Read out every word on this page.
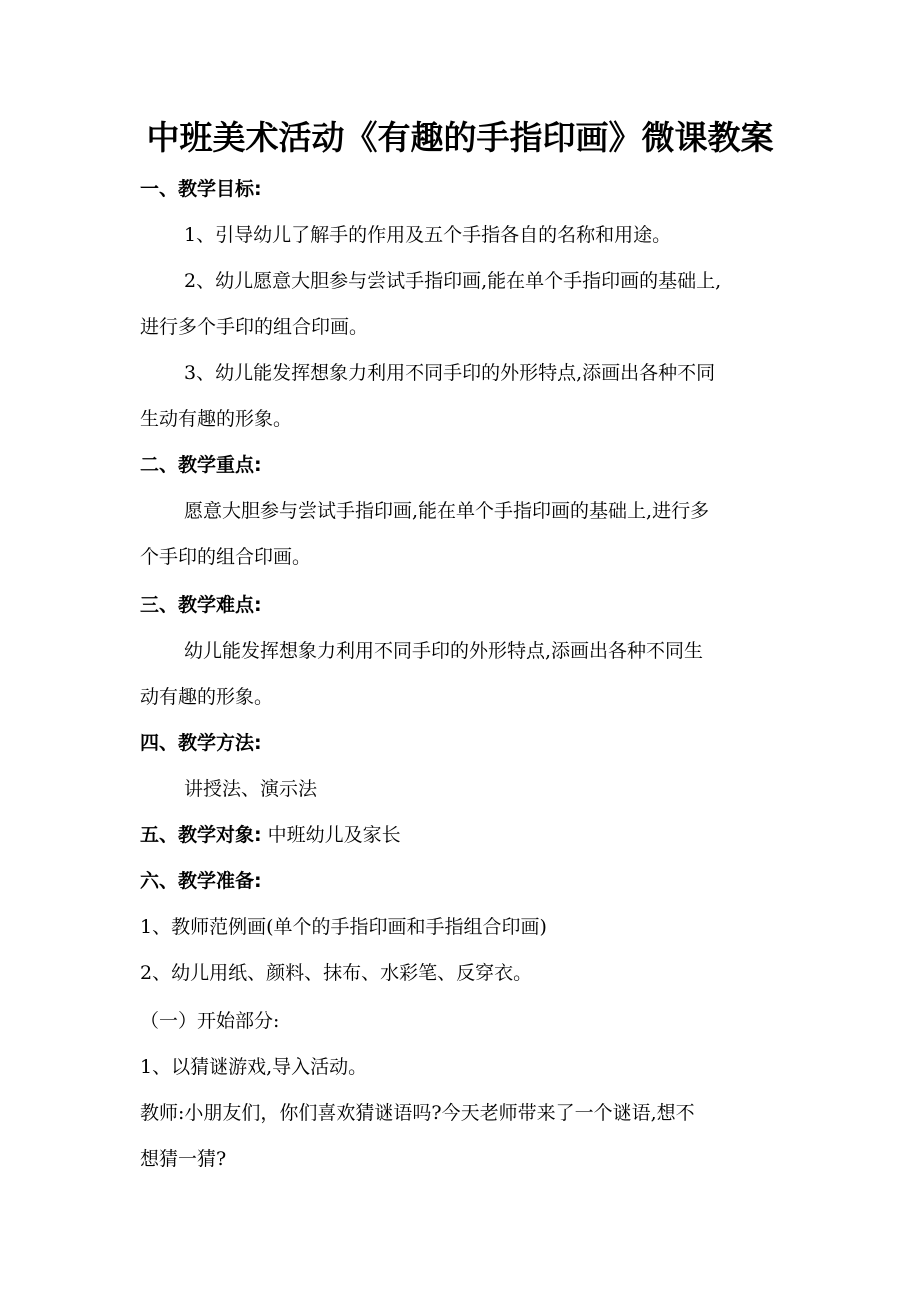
中班美术活动《有趣的手指印画》微课教案
一、教学目标:
1、引导幼儿了解手的作用及五个手指各自的名称和用途。
2、幼儿愿意大胆参与尝试手指印画,能在单个手指印画的基础上,
进行多个手印的组合印画。
3、幼儿能发挥想象力利用不同手印的外形特点,添画出各种不同
生动有趣的形象。
二、教学重点:
愿意大胆参与尝试手指印画,能在单个手指印画的基础上,进行多
个手印的组合印画。
三、教学难点:
幼儿能发挥想象力利用不同手印的外形特点,添画出各种不同生
动有趣的形象。
四、教学方法:
讲授法、演示法
五、教学对象: 中班幼儿及家长
六、教学准备:
1、教师范例画(单个的手指印画和手指组合印画)
2、幼儿用纸、颜料、抹布、水彩笔、反穿衣。
（一）开始部分:
1、以猜谜游戏,导入活动。
教师:小朋友们，你们喜欢猜谜语吗?今天老师带来了一个谜语,想不
想猜一猜?
